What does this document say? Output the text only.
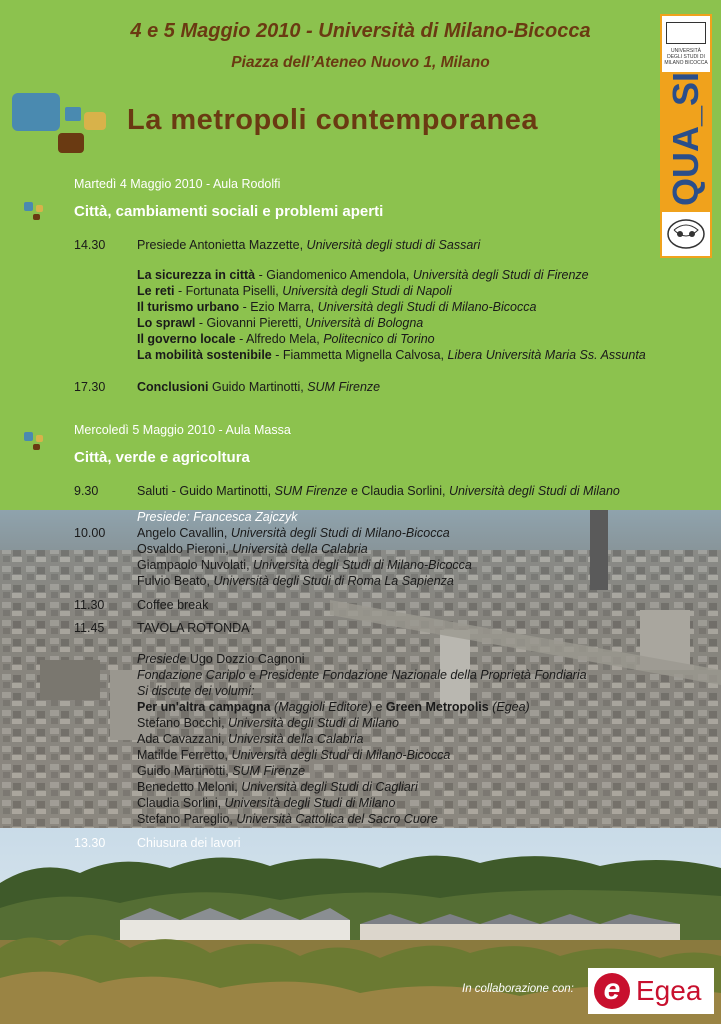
4 e 5 Maggio 2010 - Università di Milano-Bicocca
Piazza dell’Ateneo Nuovo 1, Milano
La metropoli contemporanea
UNIVERSITÀ DEGLI STUDI DI MILANO BICOCCA
QUA_SI
Martedì 4 Maggio 2010 - Aula Rodolfi
Città, cambiamenti sociali e problemi aperti
14.30	Presiede Antonietta Mazzette, Università degli studi di Sassari
La sicurezza in città - Giandomenico Amendola, Università degli Studi di Firenze
Le reti - Fortunata Piselli, Università degli Studi di Napoli
Il turismo urbano - Ezio Marra, Università degli Studi di Milano-Bicocca
Lo sprawl - Giovanni Pieretti, Università di Bologna
Il governo locale - Alfredo Mela, Politecnico di Torino
La mobilità sostenibile - Fiammetta Mignella Calvosa, Libera Università Maria Ss. Assunta
17.30	Conclusioni Guido Martinotti, SUM Firenze
Mercoledì 5 Maggio 2010 - Aula Massa
Città, verde e agricoltura
9.30	Saluti - Guido Martinotti, SUM Firenze e Claudia Sorlini, Università degli Studi di Milano
Presiede: Francesca Zajczyk
10.00	Angelo Cavallin, Università degli Studi di Milano-Bicocca
Osvaldo Pieroni, Università della Calabria
Giampaolo Nuvolati, Università degli Studi di Milano-Bicocca
Fulvio Beato, Università degli Studi di Roma La Sapienza
11.30	Coffee break
11.45	TAVOLA ROTONDA
Presiede Ugo Dozzio Cagnoni
Fondazione Cariplo e Presidente Fondazione Nazionale della Proprietà Fondiaria
Si discute dei volumi:
Per un'altra campagna (Maggioli Editore) e Green Metropolis (Egea)
Stefano Bocchi, Università degli Studi di Milano
Ada Cavazzani, Università della Calabria
Matilde Ferretto, Università degli Studi di Milano-Bicocca
Guido Martinotti, SUM Firenze
Benedetto Meloni, Università degli Studi di Cagliari
Claudia Sorlini, Università degli Studi di Milano
Stefano Pareglio, Università Cattolica del Sacro Cuore
13.30	Chiusura dei lavori
In collaborazione con: e Egea
